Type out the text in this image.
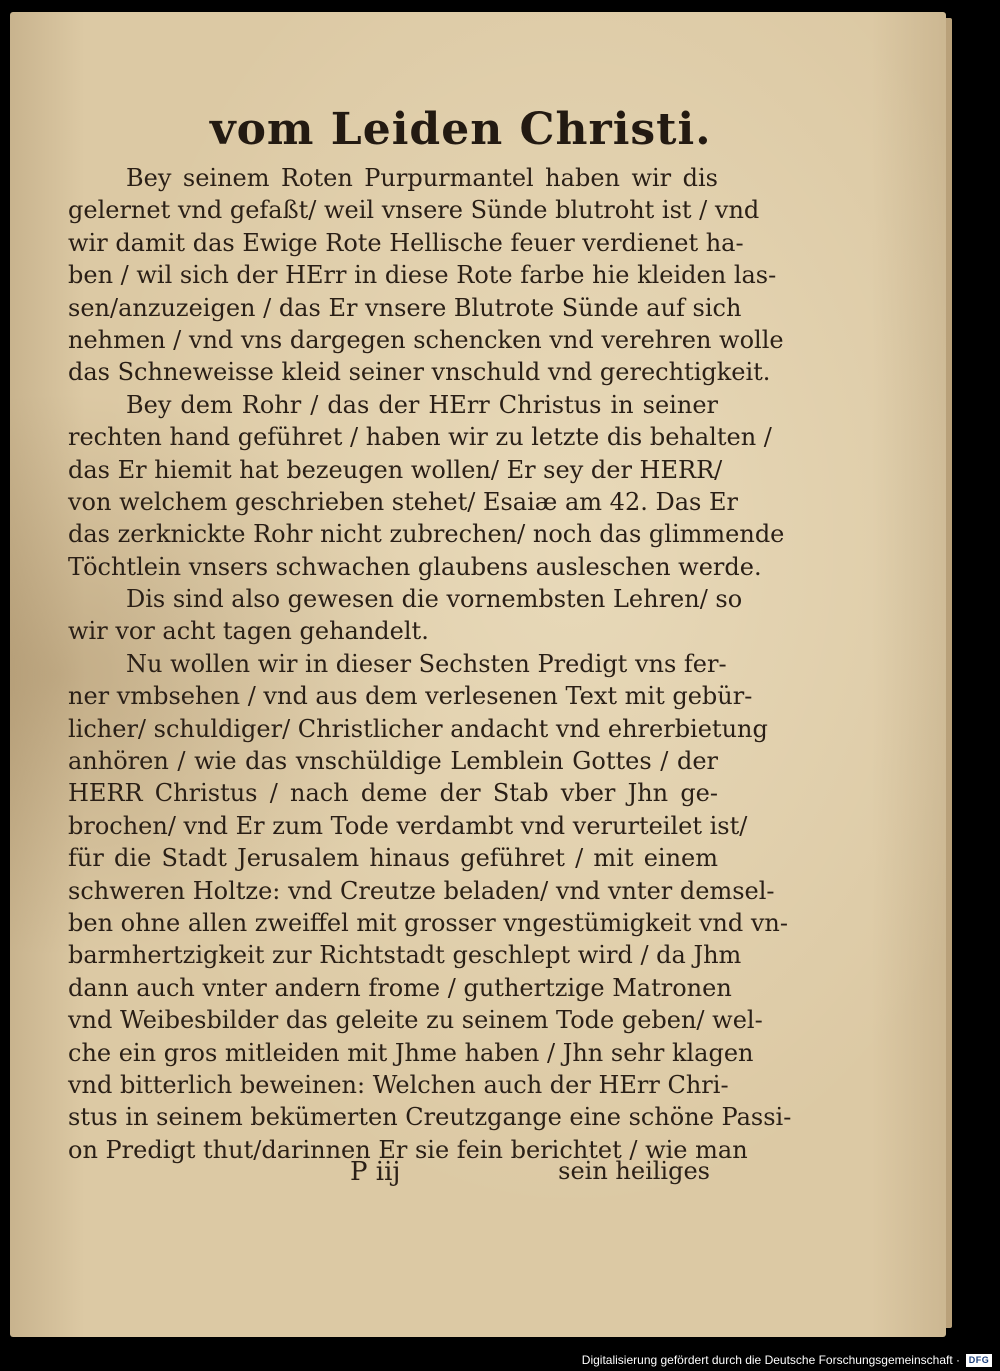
vom Leiden Christi.
Bey seinem Roten Purpurmantel haben wir dis
gelernet vnd gefaßt/ weil vnsere Sünde blutroht ist / vnd
wir damit das Ewige Rote Hellische feuer verdienet ha-
ben / wil sich der HErr in diese Rote farbe hie kleiden las-
sen/anzuzeigen / das Er vnsere Blutrote Sünde auf sich
nehmen / vnd vns dargegen schencken vnd verehren wolle
das Schneweisse kleid seiner vnschuld vnd gerechtigkeit.
Bey dem Rohr / das der HErr Christus in seiner
rechten hand geführet / haben wir zu letzte dis behalten /
das Er hiemit hat bezeugen wollen/ Er sey der HERR/
von welchem geschrieben stehet/ Esaiæ am 42. Das Er
das zerknickte Rohr nicht zubrechen/ noch das glimmende
Töchtlein vnsers schwachen glaubens ausleschen werde.
Dis sind also gewesen die vornembsten Lehren/ so
wir vor acht tagen gehandelt.
Nu wollen wir in dieser Sechsten Predigt vns fer-
ner vmbsehen / vnd aus dem verlesenen Text mit gebür-
licher/ schuldiger/ Christlicher andacht vnd ehrerbietung
anhören / wie das vnschüldige Lemblein Gottes / der
HERR Christus / nach deme der Stab vber Jhn ge-
brochen/ vnd Er zum Tode verdambt vnd verurteilet ist/
für die Stadt Jerusalem hinaus geführet / mit einem
schweren Holtze: vnd Creutze beladen/ vnd vnter demsel-
ben ohne allen zweiffel mit grosser vngestümigkeit vnd vn-
barmhertzigkeit zur Richtstadt geschlept wird / da Jhm
dann auch vnter andern frome / guthertzige Matronen
vnd Weibesbilder das geleite zu seinem Tode geben/ wel-
che ein gros mitleiden mit Jhme haben / Jhn sehr klagen
vnd bitterlich beweinen: Welchen auch der HErr Chri-
stus in seinem bekümerten Creutzgange eine schöne Passi-
on Predigt thut/darinnen Er sie fein berichtet / wie man
P iij	sein heiliges
Digitalisierung gefördert durch die Deutsche Forschungsgemeinschaft · DFG
